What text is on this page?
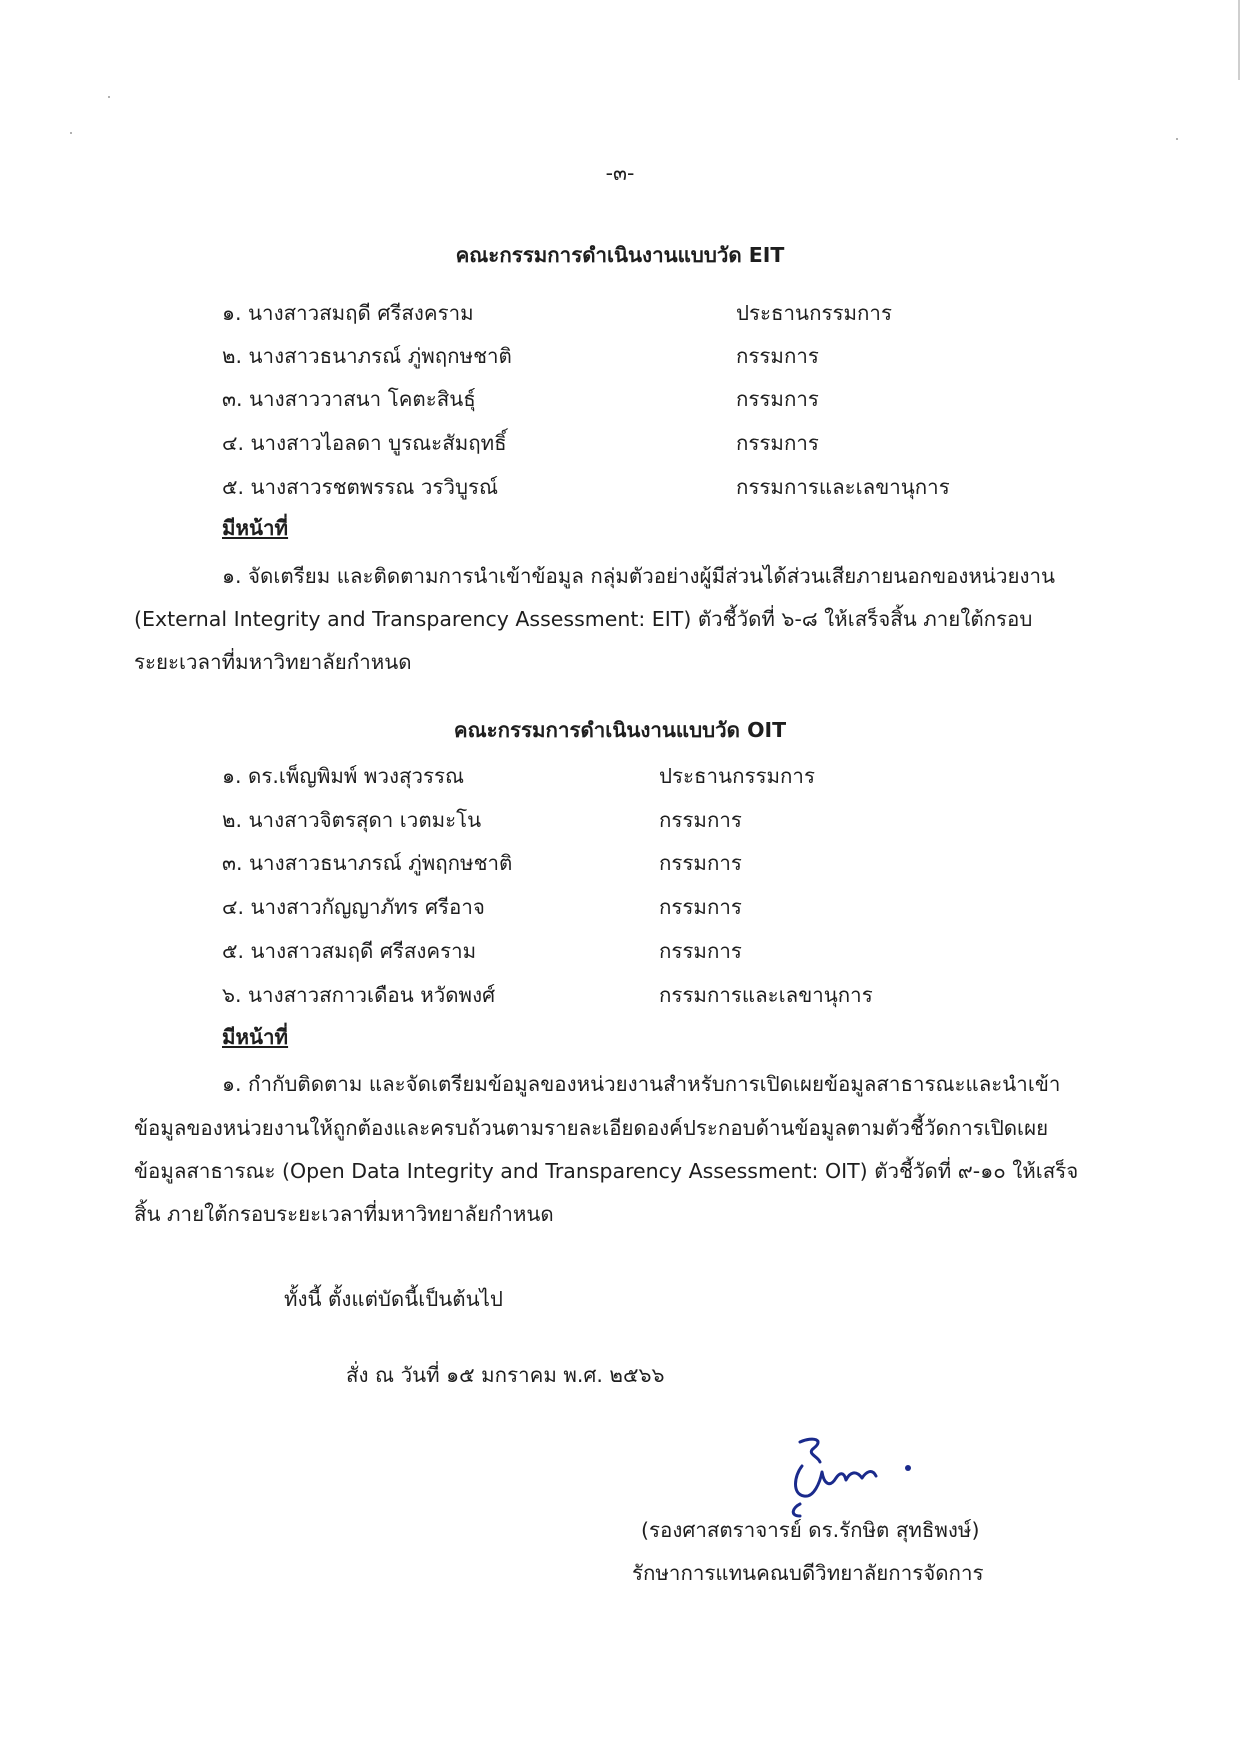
-๓-
คณะกรรมการดำเนินงานแบบวัด EIT
๑. นางสาวสมฤดี ศรีสงคราม	ประธานกรรมการ
๒. นางสาวธนาภรณ์ ภู่พฤกษชาติ	กรรมการ
๓. นางสาววาสนา โคตะสินธุ์	กรรมการ
๔. นางสาวไอลดา บูรณะสัมฤทธิ์	กรรมการ
๕. นางสาวรชตพรรณ วรวิบูรณ์	กรรมการและเลขานุการ
มีหน้าที่
๑. จัดเตรียม และติดตามการนำเข้าข้อมูล กลุ่มตัวอย่างผู้มีส่วนได้ส่วนเสียภายนอกของหน่วยงาน
(External Integrity and Transparency Assessment: EIT) ตัวชี้วัดที่ ๖-๘ ให้เสร็จสิ้น ภายใต้กรอบ
ระยะเวลาที่มหาวิทยาลัยกำหนด
คณะกรรมการดำเนินงานแบบวัด OIT
๑. ดร.เพ็ญพิมพ์ พวงสุวรรณ	ประธานกรรมการ
๒. นางสาวจิตรสุดา เวตมะโน	กรรมการ
๓. นางสาวธนาภรณ์ ภู่พฤกษชาติ	กรรมการ
๔. นางสาวกัญญาภัทร ศรีอาจ	กรรมการ
๕. นางสาวสมฤดี ศรีสงคราม	กรรมการ
๖. นางสาวสกาวเดือน หวัดพงศ์	กรรมการและเลขานุการ
มีหน้าที่
๑. กำกับติดตาม และจัดเตรียมข้อมูลของหน่วยงานสำหรับการเปิดเผยข้อมูลสาธารณะและนำเข้า
ข้อมูลของหน่วยงานให้ถูกต้องและครบถ้วนตามรายละเอียดองค์ประกอบด้านข้อมูลตามตัวชี้วัดการเปิดเผย
ข้อมูลสาธารณะ (Open Data Integrity and Transparency Assessment: OIT) ตัวชี้วัดที่ ๙-๑๐ ให้เสร็จ
สิ้น ภายใต้กรอบระยะเวลาที่มหาวิทยาลัยกำหนด
ทั้งนี้ ตั้งแต่บัดนี้เป็นต้นไป
สั่ง ณ วันที่ ๑๕ มกราคม พ.ศ. ๒๕๖๖
(รองศาสตราจารย์ ดร.รักษิต สุทธิพงษ์)
รักษาการแทนคณบดีวิทยาลัยการจัดการ
